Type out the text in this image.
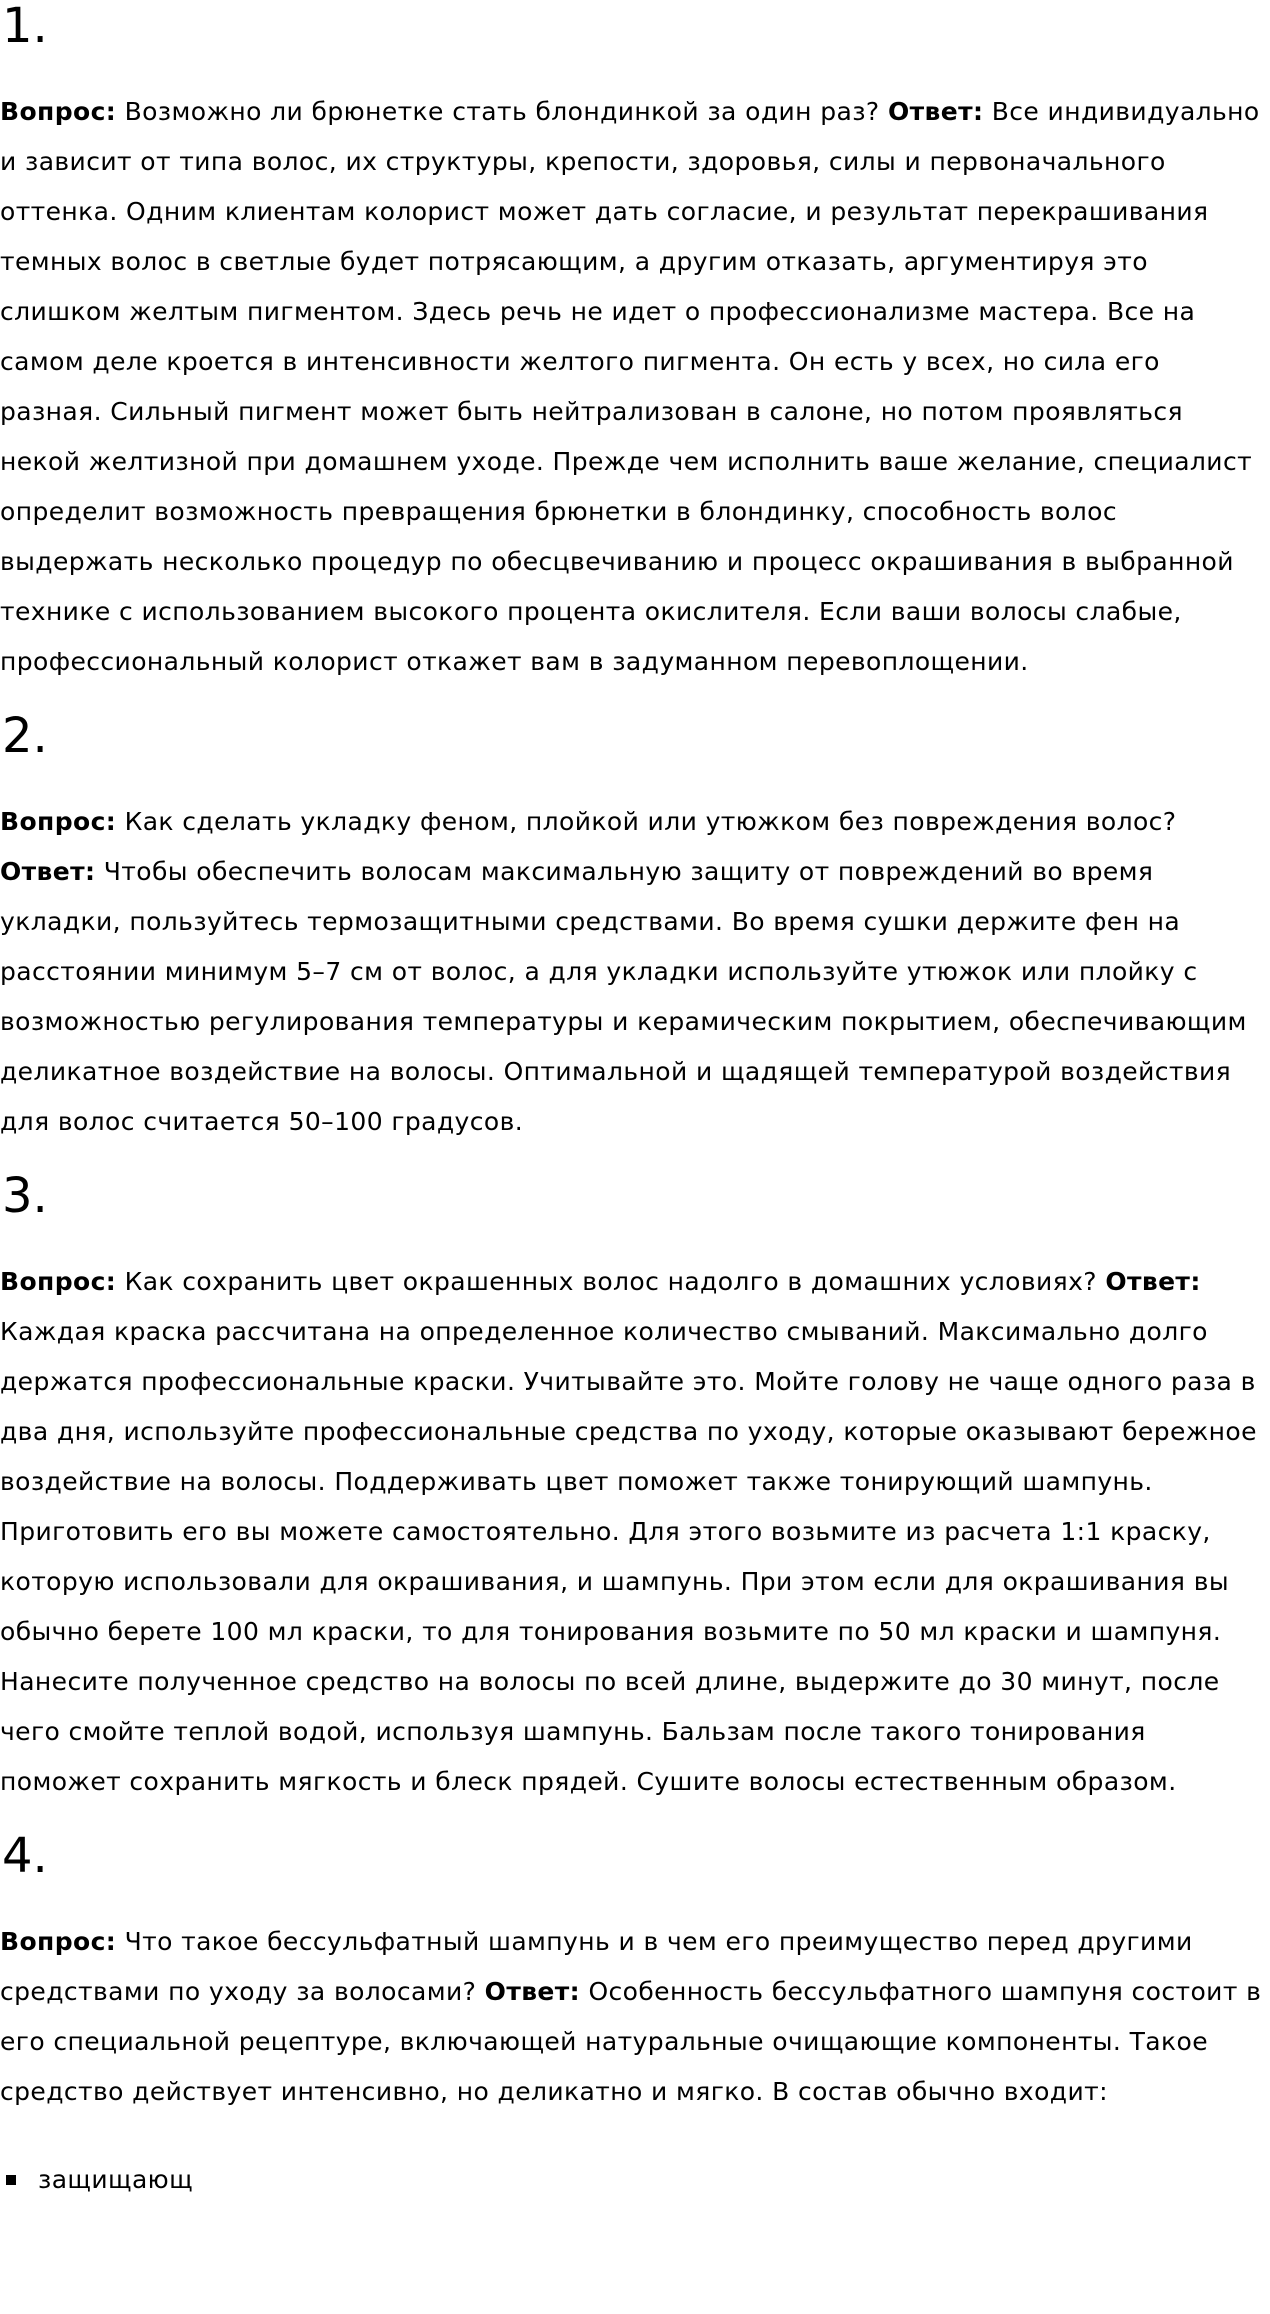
1.

Вопрос: Возможно ли брюнетке стать блондинкой за один раз? Ответ: Все индивидуально и зависит от типа волос, их структуры, крепости, здоровья, силы и первоначального оттенка. Одним клиентам колорист может дать согласие, и результат перекрашивания темных волос в светлые будет потрясающим, а другим отказать, аргументируя это слишком желтым пигментом. Здесь речь не идет о профессионализме мастера. Все на самом деле кроется в интенсивности желтого пигмента. Он есть у всех, но сила его разная. Сильный пигмент может быть нейтрализован в салоне, но потом проявляться некой желтизной при домашнем уходе. Прежде чем исполнить ваше желание, специалист определит возможность превращения брюнетки в блондинку, способность волос выдержать несколько процедур по обесцвечиванию и процесс окрашивания в выбранной технике с использованием высокого процента окислителя. Если ваши волосы слабые, профессиональный колорист откажет вам в задуманном перевоплощении.

2.

Вопрос: Как сделать укладку феном, плойкой или утюжком без повреждения волос? Ответ: Чтобы обеспечить волосам максимальную защиту от повреждений во время укладки, пользуйтесь термозащитными средствами. Во время сушки держите фен на расстоянии минимум 5–7 см от волос, а для укладки используйте утюжок или плойку с возможностью регулирования температуры и керамическим покрытием, обеспечивающим деликатное воздействие на волосы. Оптимальной и щадящей температурой воздействия для волос считается 50–100 градусов.

3.

Вопрос: Как сохранить цвет окрашенных волос надолго в домашних условиях? Ответ: Каждая краска рассчитана на определенное количество смываний. Максимально долго держатся профессиональные краски. Учитывайте это. Мойте голову не чаще одного раза в два дня, используйте профессиональные средства по уходу, которые оказывают бережное воздействие на волосы. Поддерживать цвет поможет также тонирующий шампунь. Приготовить его вы можете самостоятельно. Для этого возьмите из расчета 1:1 краску, которую использовали для окрашивания, и шампунь. При этом если для окрашивания вы обычно берете 100 мл краски, то для тонирования возьмите по 50 мл краски и шампуня. Нанесите полученное средство на волосы по всей длине, выдержите до 30 минут, после чего смойте теплой водой, используя шампунь. Бальзам после такого тонирования поможет сохранить мягкость и блеск прядей. Сушите волосы естественным образом.

4.

Вопрос: Что такое бессульфатный шампунь и в чем его преимущество перед другими средствами по уходу за волосами? Ответ: Особенность бессульфатного шампуня состоит в его специальной рецептуре, включающей натуральные очищающие компоненты. Такое средство действует интенсивно, но деликатно и мягко. В состав обычно входит:

защищающ
